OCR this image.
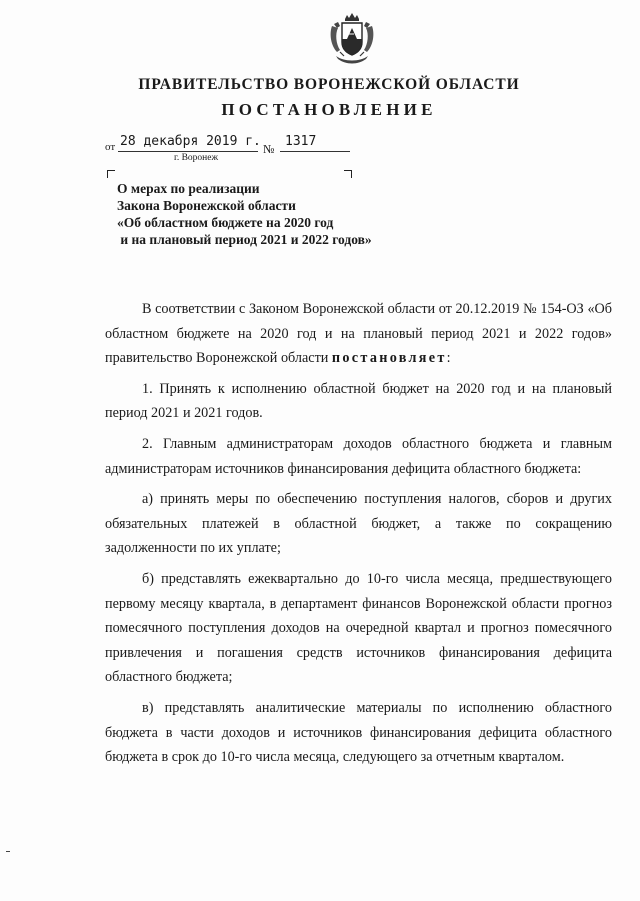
ПРАВИТЕЛЬСТВО ВОРОНЕЖСКОЙ ОБЛАСТИ
ПОСТАНОВЛЕНИЕ
от 28 декабря 2019 г. № 1317
г. Воронеж
О мерах по реализации
Закона Воронежской области
«Об областном бюджете на 2020 год
и на плановый период 2021 и 2022 годов»

В соответствии с Законом Воронежской области от 20.12.2019 № 154-ОЗ «Об областном бюджете на 2020 год и на плановый период 2021 и 2022 годов» правительство Воронежской области постановляет:

1. Принять к исполнению областной бюджет на 2020 год и на плановый период 2021 и 2021 годов.

2. Главным администраторам доходов областного бюджета и главным администраторам источников финансирования дефицита областного бюджета:

а) принять меры по обеспечению поступления налогов, сборов и других обязательных платежей в областной бюджет, а также по сокращению задолженности по их уплате;

б) представлять ежеквартально до 10-го числа месяца, предшествующего первому месяцу квартала, в департамент финансов Воронежской области прогноз помесячного поступления доходов на очередной квартал и прогноз помесячного привлечения и погашения средств источников финансирования дефицита областного бюджета;

в) представлять аналитические материалы по исполнению областного бюджета в части доходов и источников финансирования дефицита областного бюджета в срок до 10-го числа месяца, следующего за отчетным кварталом.
